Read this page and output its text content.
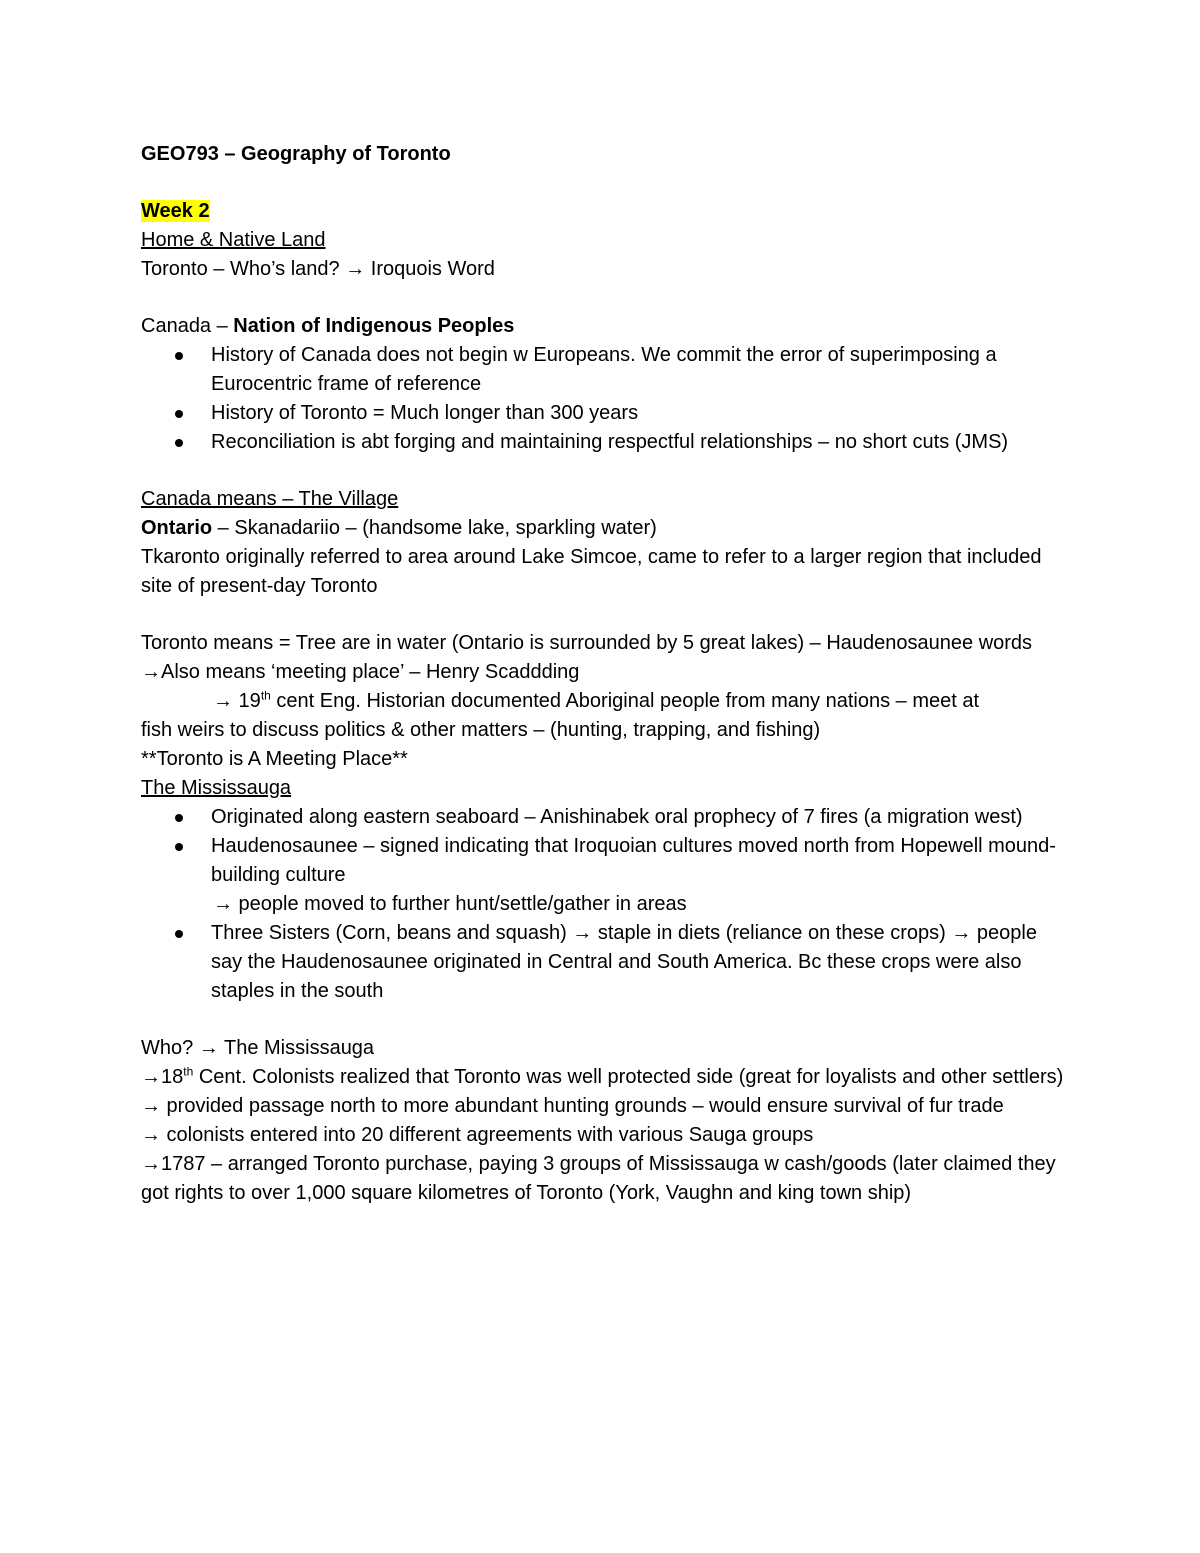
GEO793 – Geography of Toronto
Week 2
Home & Native Land
Toronto – Who’s land? → Iroquois Word
Canada – Nation of Indigenous Peoples
History of Canada does not begin w Europeans. We commit the error of superimposing a Eurocentric frame of reference
History of Toronto = Much longer than 300 years
Reconciliation is abt forging and maintaining respectful relationships – no short cuts (JMS)
Canada means – The Village
Ontario – Skanadariio – (handsome lake, sparkling water)
Tkaronto originally referred to area around Lake Simcoe, came to refer to a larger region that included site of present-day Toronto
Toronto means = Tree are in water (Ontario is surrounded by 5 great lakes) – Haudenosaunee words
→Also means ‘meeting place’ – Henry Scaddding
→ 19th cent Eng. Historian documented Aboriginal people from many nations – meet at
fish weirs to discuss politics & other matters – (hunting, trapping, and fishing)
**Toronto is A Meeting Place**
The Mississauga
Originated along eastern seaboard – Anishinabek oral prophecy of 7 fires (a migration west)
Haudenosaunee – signed indicating that Iroquoian cultures moved north from Hopewell mound-building culture
→ people moved to further hunt/settle/gather in areas
Three Sisters (Corn, beans and squash) → staple in diets (reliance on these crops) → people say the Haudenosaunee originated in Central and South America. Bc these crops were also staples in the south
Who? → The Mississauga
→18th Cent. Colonists realized that Toronto was well protected side (great for loyalists and other settlers)
→ provided passage north to more abundant hunting grounds – would ensure survival of fur trade
→ colonists entered into 20 different agreements with various Sauga groups
→1787 – arranged Toronto purchase, paying 3 groups of Mississauga w cash/goods (later claimed they got rights to over 1,000 square kilometres of Toronto (York, Vaughn and king town ship)
